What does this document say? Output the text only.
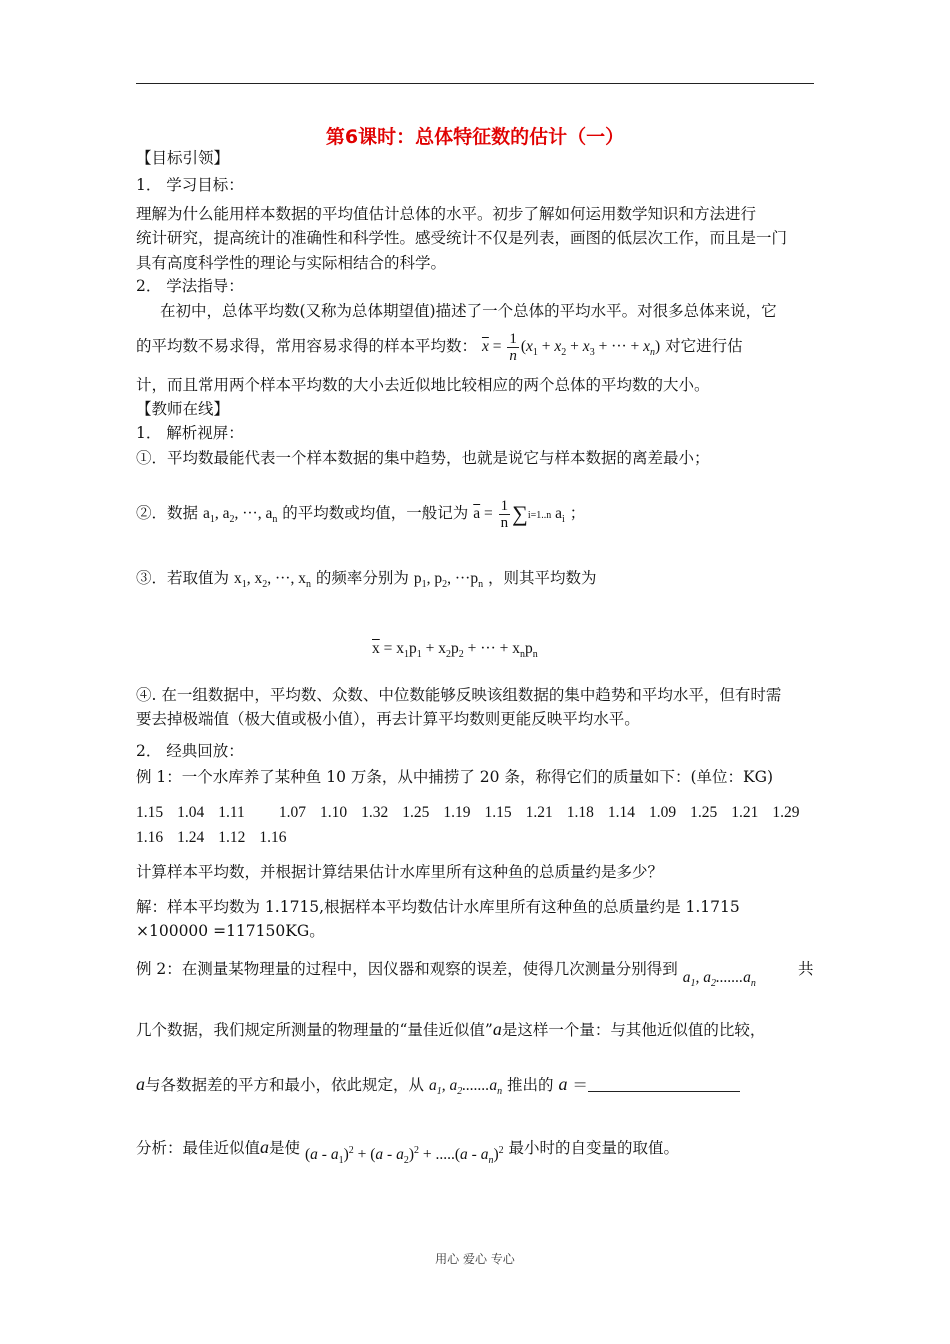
第6课时：总体特征数的估计（一）
【目标引领】
1． 学习目标：
理解为什么能用样本数据的平均值估计总体的水平。初步了解如何运用数学知识和方法进行
统计研究，提高统计的准确性和科学性。感受统计不仅是列表，画图的低层次工作，而且是一门
具有高度科学性的理论与实际相结合的科学。
2． 学法指导：
在初中，总体平均数(又称为总体期望值)描述了一个总体的平均水平。对很多总体来说，它
的平均数不易求得，常用容易求得的样本平均数： $\overline{x} = \frac{1}{n} (x_1 + x_2 + x_3$ + ··· + $x_n$) 对它进行估
计，而且常用两个样本平均数的大小去近似地比较相应的两个总体的平均数的大小。
【教师在线】
1． 解析视屏：
①．平均数最能代表一个样本数据的集中趋势，也就是说它与样本数据的离差最小；
②．数据 $a_1$, $a_2$, ···, $a_n$ 的平均数或均值，一般记为 $\overline{a} = \frac{1}{n} \sum i=1..n$ $a_i$ ；
③．若取值为 $x_1$, $x_2$, ···, $x_n$ 的频率分别为 $p_1$, $p_2$, $\cdot\cdot\cdot p_n$ ，则其平均数为
$\overline{x} = x_1p_1 + x_2p_2$ + ··· + $x_np_n$
④. 在一组数据中，平均数、众数、中位数能够反映该组数据的集中趋势和平均水平，但有时需
要去掉极端值（极大值或极小值），再去计算平均数则更能反映平均水平。
2． 经典回放：
例 1：一个水库养了某种鱼 10 万条，从中捕捞了 20 条，称得它们的质量如下：(单位：KG)
1.15 1.04 1.11 1.07 1.10 1.32 1.25 1.19 1.15 1.21 1.18 1.14 1.09 1.25 1.21 1.29
1.16 1.24 1.12 1.16
计算样本平均数，并根据计算结果估计水库里所有这种鱼的总质量约是多少？
解：样本平均数为 1.1715,根据样本平均数估计水库里所有这种鱼的总质量约是 1.1715
×100000 =117150KG。
例 2：在测量某物理量的过程中，因仪器和观察的误差，使得几次测量分别得到 $a_1$, $a_2.......a_n$
共
几个数据，我们规定所测量的物理量的“量佳近似值”a是这样一个量：与其他近似值的比较，
a与各数据差的平方和最小，依此规定，从 $a_1$, $a_2.......a_n$ 推出的 a ＝
分析：最佳近似值a是使 $(a - a_1)^2 + (a - a_2)^2 + .....(a - a_n)^2$ 最小时的自变量的取值。
用心 爱心 专心
